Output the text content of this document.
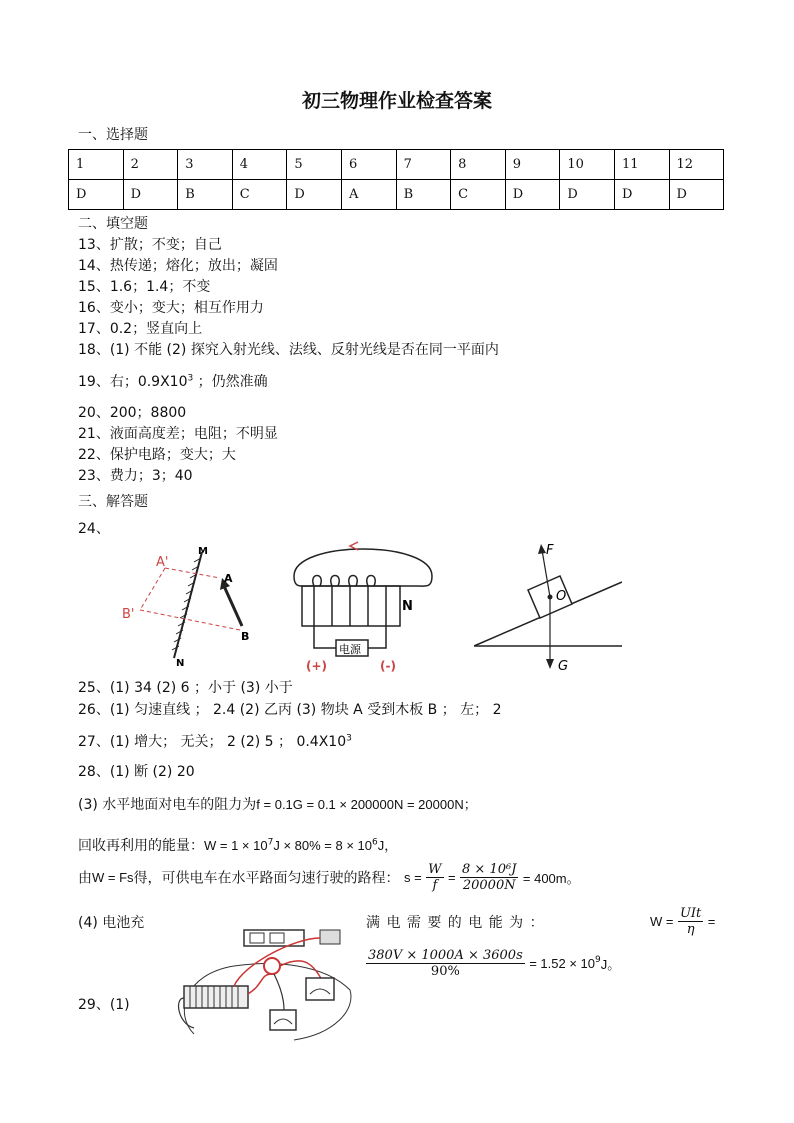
初三物理作业检查答案
一、选择题
1	2	3	4	5	6	7	8	9	10	11	12
D	D	B	C	D	A	B	C	D	D	D	D
二、填空题
13、扩散；不变；自己
14、热传递；熔化；放出；凝固
15、1.6；1.4；不变
16、变小；变大；相互作用力
17、0.2；竖直向上
18、(1) 不能 (2) 探究入射光线、法线、反射光线是否在同一平面内
19、右；$0.9X10^3$ ；仍然准确
20、200；8800
21、液面高度差；电阻；不明显
22、保护电路；变大；大
23、费力；3；40
三、解答题
24、
M
N
A
B
A'
B'
N
电源
(+)	(-)
F
O
G
25、(1) 34 (2) 6 ；小于 (3) 小于
26、(1) 匀速直线 ； 2.4 (2) 乙丙 (3) 物块 A 受到木板 B ； 左； 2
27、(1) 增大； 无关； 2 (2) 5 ； $0.4X10^3$
28、(1) 断 (2) 20
(3) 水平地面对电车的阻力为f = 0.1G = 0.1 × 200000N = 20000N；
回收再利用的能量：$W = 1 \times 10^7J \times 80\% = 8 \times 10^6J$，
由W = Fs得，可供电车在水平路面匀速行驶的路程： $s = \frac{W}{f} = \frac{\text{8 × 10⁶J}}{20000N} = 400m$。
(4) 电池充	满 电 需 要 的 电 能 为 ：	$W = \frac{\text{UIt}}{\eta}$ =
$\frac{380V \times 1000A \times 3600s}{90\%} = 1.52 \times 10^9J$。
29、(1)
